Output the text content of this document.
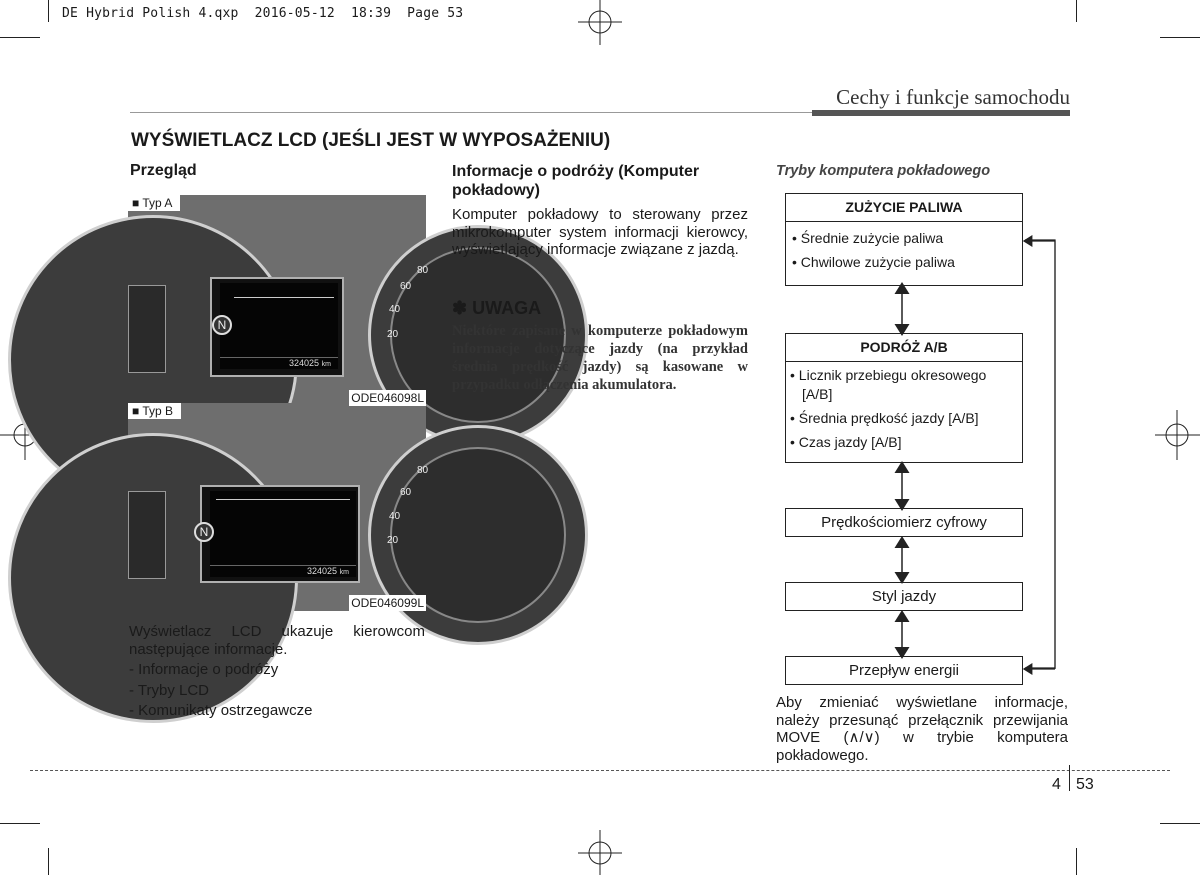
DE Hybrid Polish 4.qxp  2016-05-12  18:39  Page 53
Cechy i funkcje samochodu
WYŚWIETLACZ LCD (JEŚLI JEST W WYPOSAŻENIU)
Przegląd
324025 km
N
80
60
40
20
■ Typ A
ODE046098L
324025 km
N
80
60
40
20
■ Typ B
ODE046099L
Wyświetlacz LCD ukazuje kierowcom następujące informacje.
- Informacje o podróży
- Tryby LCD
- Komunikaty ostrzegawcze
Informacje o podróży (Komputer pokładowy)
Komputer pokładowy to sterowany przez mikrokomputer system informacji kierowcy, wyświetlający informacje związane z jazdą.
✽ UWAGA
Niektóre zapisane w komputerze pokładowym informacje dotyczące jazdy (na przykład średnia prędkość jazdy) są kasowane w przypadku odłączenia akumulatora.
Tryby komputera pokładowego
ZUŻYCIE PALIWA
• Średnie zużycie paliwa
• Chwilowe zużycie paliwa
PODRÓŻ A/B
• Licznik przebiegu okresowego
[A/B]
• Średnia prędkość jazdy [A/B]
• Czas jazdy [A/B]
Prędkościomierz cyfrowy
Styl jazdy
Przepływ energii
Aby zmieniać wyświetlane informacje, należy przesunąć przełącznik przewijania MOVE (∧/∨) w trybie komputera pokładowego.
4 53
